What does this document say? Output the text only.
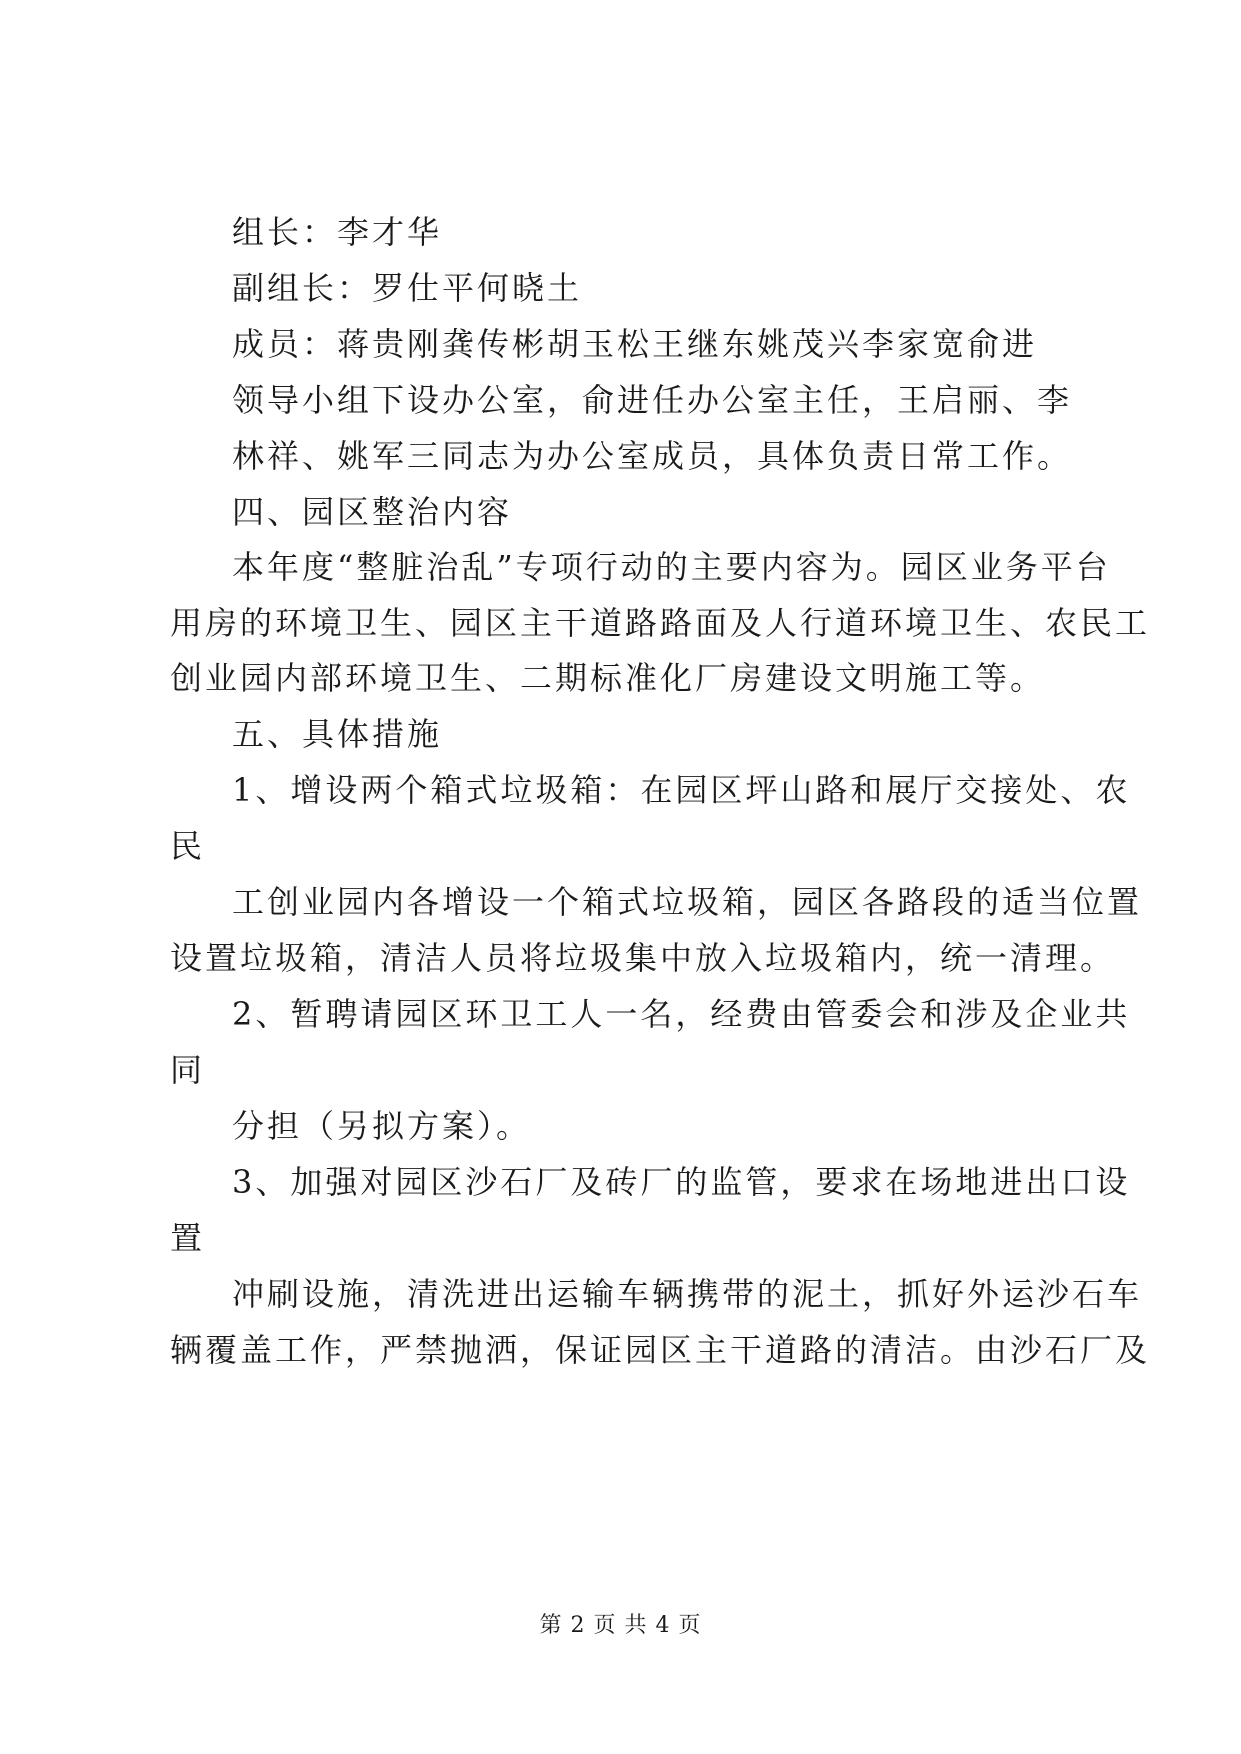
组长：李才华
副组长：罗仕平何晓土
成员：蒋贵刚龚传彬胡玉松王继东姚茂兴李家宽俞进
领导小组下设办公室，俞进任办公室主任，王启丽、李
林祥、姚军三同志为办公室成员，具体负责日常工作。
四、园区整治内容
本年度“整脏治乱”专项行动的主要内容为。园区业务平台
用房的环境卫生、园区主干道路路面及人行道环境卫生、农民工
创业园内部环境卫生、二期标准化厂房建设文明施工等。
五、具体措施
1、增设两个箱式垃圾箱：在园区坪山路和展厅交接处、农
民
工创业园内各增设一个箱式垃圾箱，园区各路段的适当位置
设置垃圾箱，清洁人员将垃圾集中放入垃圾箱内，统一清理。
2、暂聘请园区环卫工人一名，经费由管委会和涉及企业共
同
分担（另拟方案）。
3、加强对园区沙石厂及砖厂的监管，要求在场地进出口设
置
冲刷设施，清洗进出运输车辆携带的泥土，抓好外运沙石车
辆覆盖工作，严禁抛洒，保证园区主干道路的清洁。由沙石厂及
第 2 页 共 4 页
